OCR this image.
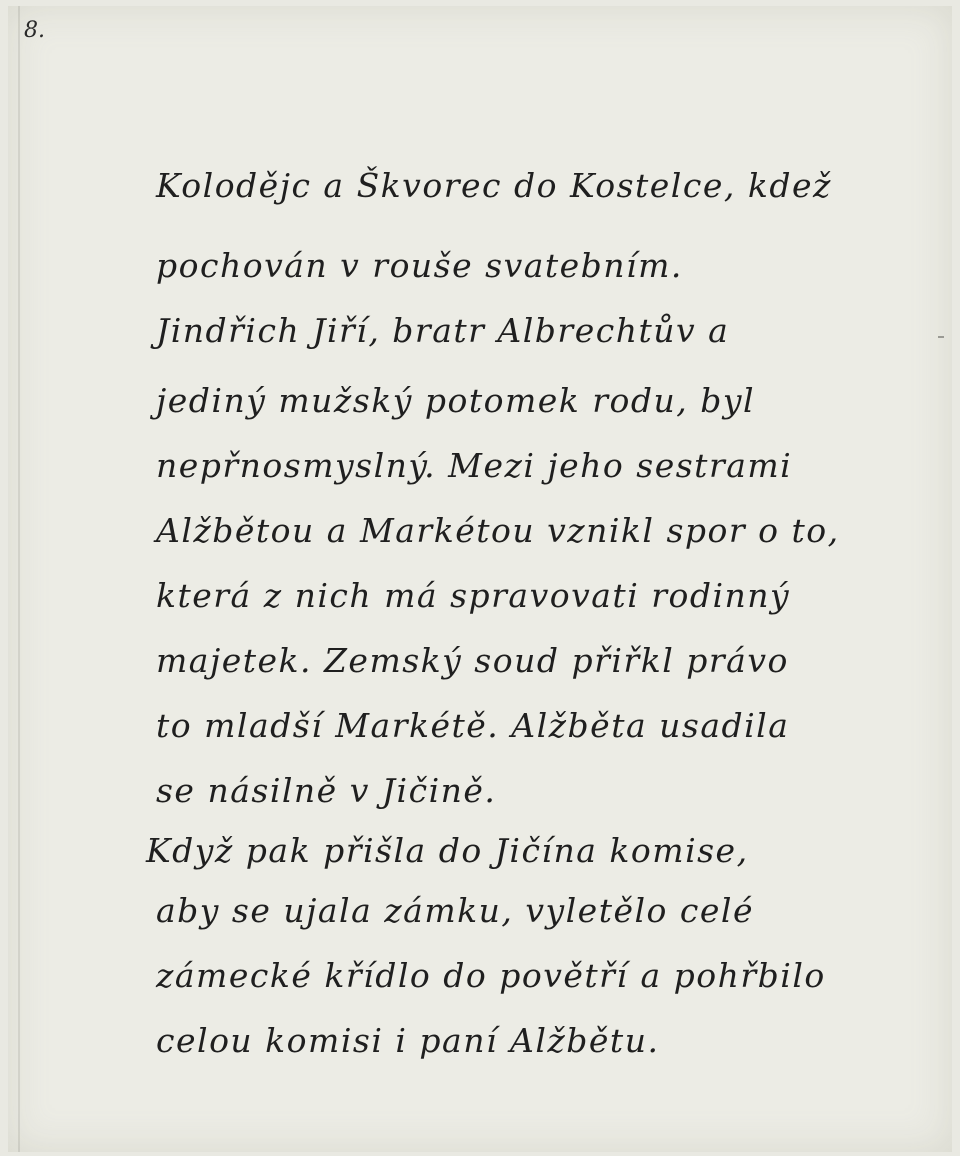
8.
Kolodějc a Škvorec do Kostelce, kdež
pochován v rouše svatebním.
Jindřich Jiří, bratr Albrechtův a
jediný mužský potomek rodu, byl
nepřnosmyslný. Mezi jeho sestrami
Alžbětou a Markétou vznikl spor o to,
která z nich má spravovati rodinný
majetek. Zemský soud přiřkl právo
to mladší Markétě. Alžběta usadila
se násilně v Jičině.
Když pak přišla do Jičína komise,
aby se ujala zámku, vyletělo celé
zámecké křídlo do povětří a pohřbilo
celou komisi i paní Alžbětu.
